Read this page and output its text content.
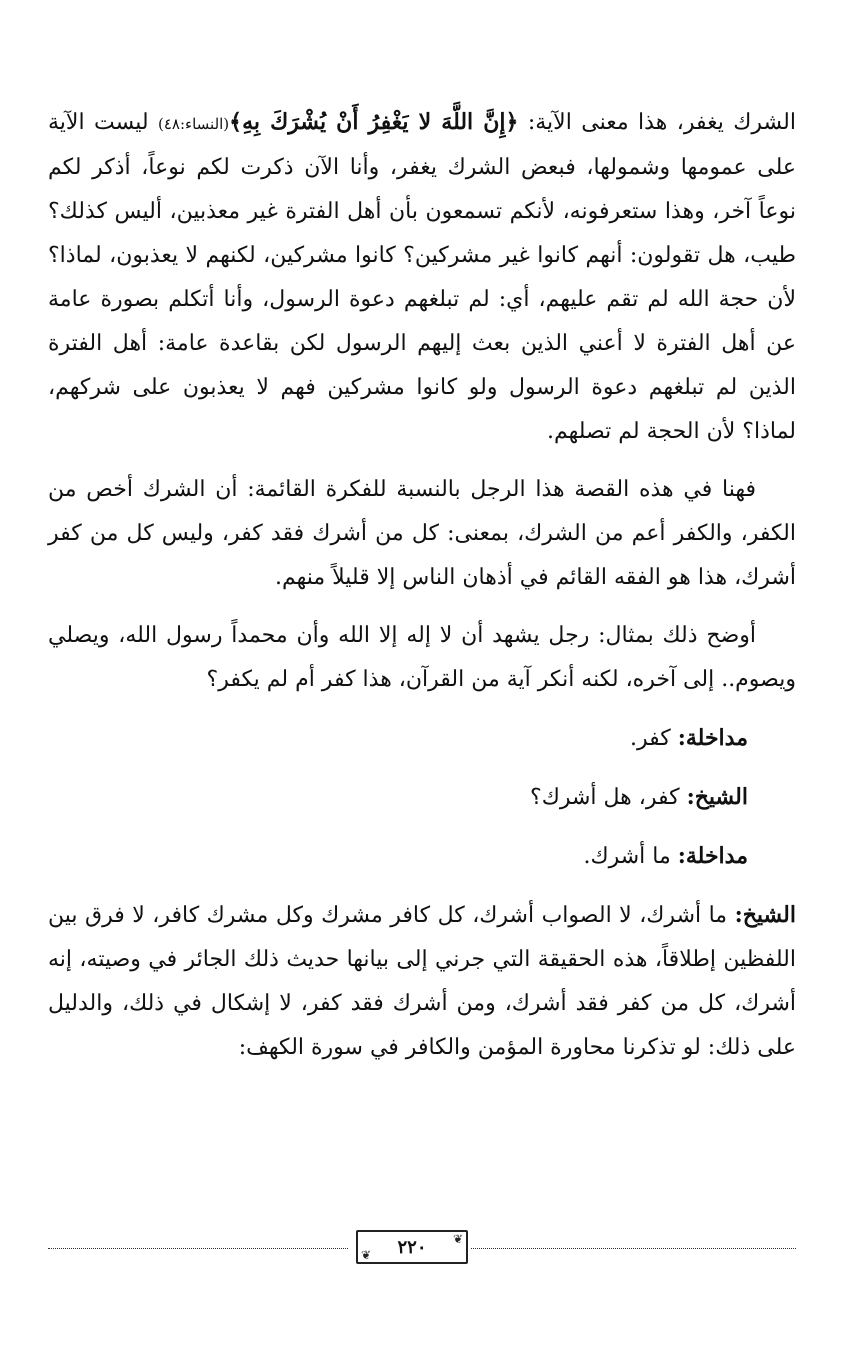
الشرك يغفر، هذا معنى الآية: ﴿إِنَّ اللَّهَ لا يَغْفِرُ أَنْ يُشْرَكَ بِهِ﴾(النساء:٤٨) ليست الآية على عمومها وشمولها، فبعض الشرك يغفر، وأنا الآن ذكرت لكم نوعاً، أذكر لكم نوعاً آخر، وهذا ستعرفونه، لأنكم تسمعون بأن أهل الفترة غير معذبين، أليس كذلك؟ طيب، هل تقولون: أنهم كانوا غير مشركين؟ كانوا مشركين، لكنهم لا يعذبون، لماذا؟ لأن حجة الله لم تقم عليهم، أي: لم تبلغهم دعوة الرسول، وأنا أتكلم بصورة عامة عن أهل الفترة لا أعني الذين بعث إليهم الرسول لكن بقاعدة عامة: أهل الفترة الذين لم تبلغهم دعوة الرسول ولو كانوا مشركين فهم لا يعذبون على شركهم، لماذا؟ لأن الحجة لم تصلهم.

فهنا في هذه القصة هذا الرجل بالنسبة للفكرة القائمة: أن الشرك أخص من الكفر، والكفر أعم من الشرك، بمعنى: كل من أشرك فقد كفر، وليس كل من كفر أشرك، هذا هو الفقه القائم في أذهان الناس إلا قليلاً منهم.

أوضح ذلك بمثال: رجل يشهد أن لا إله إلا الله وأن محمداً رسول الله، ويصلي ويصوم.. إلى آخره، لكنه أنكر آية من القرآن، هذا كفر أم لم يكفر؟

مداخلة: كفر.

الشيخ: كفر، هل أشرك؟

مداخلة: ما أشرك.

الشيخ: ما أشرك، لا الصواب أشرك، كل كافر مشرك وكل مشرك كافر، لا فرق بين اللفظين إطلاقاً، هذه الحقيقة التي جرني إلى بيانها حديث ذلك الجائر في وصيته، إنه أشرك، كل من كفر فقد أشرك، ومن أشرك فقد كفر، لا إشكال في ذلك، والدليل على ذلك: لو تذكرنا محاورة المؤمن والكافر في سورة الكهف:

❦
❦	٢٢٠
